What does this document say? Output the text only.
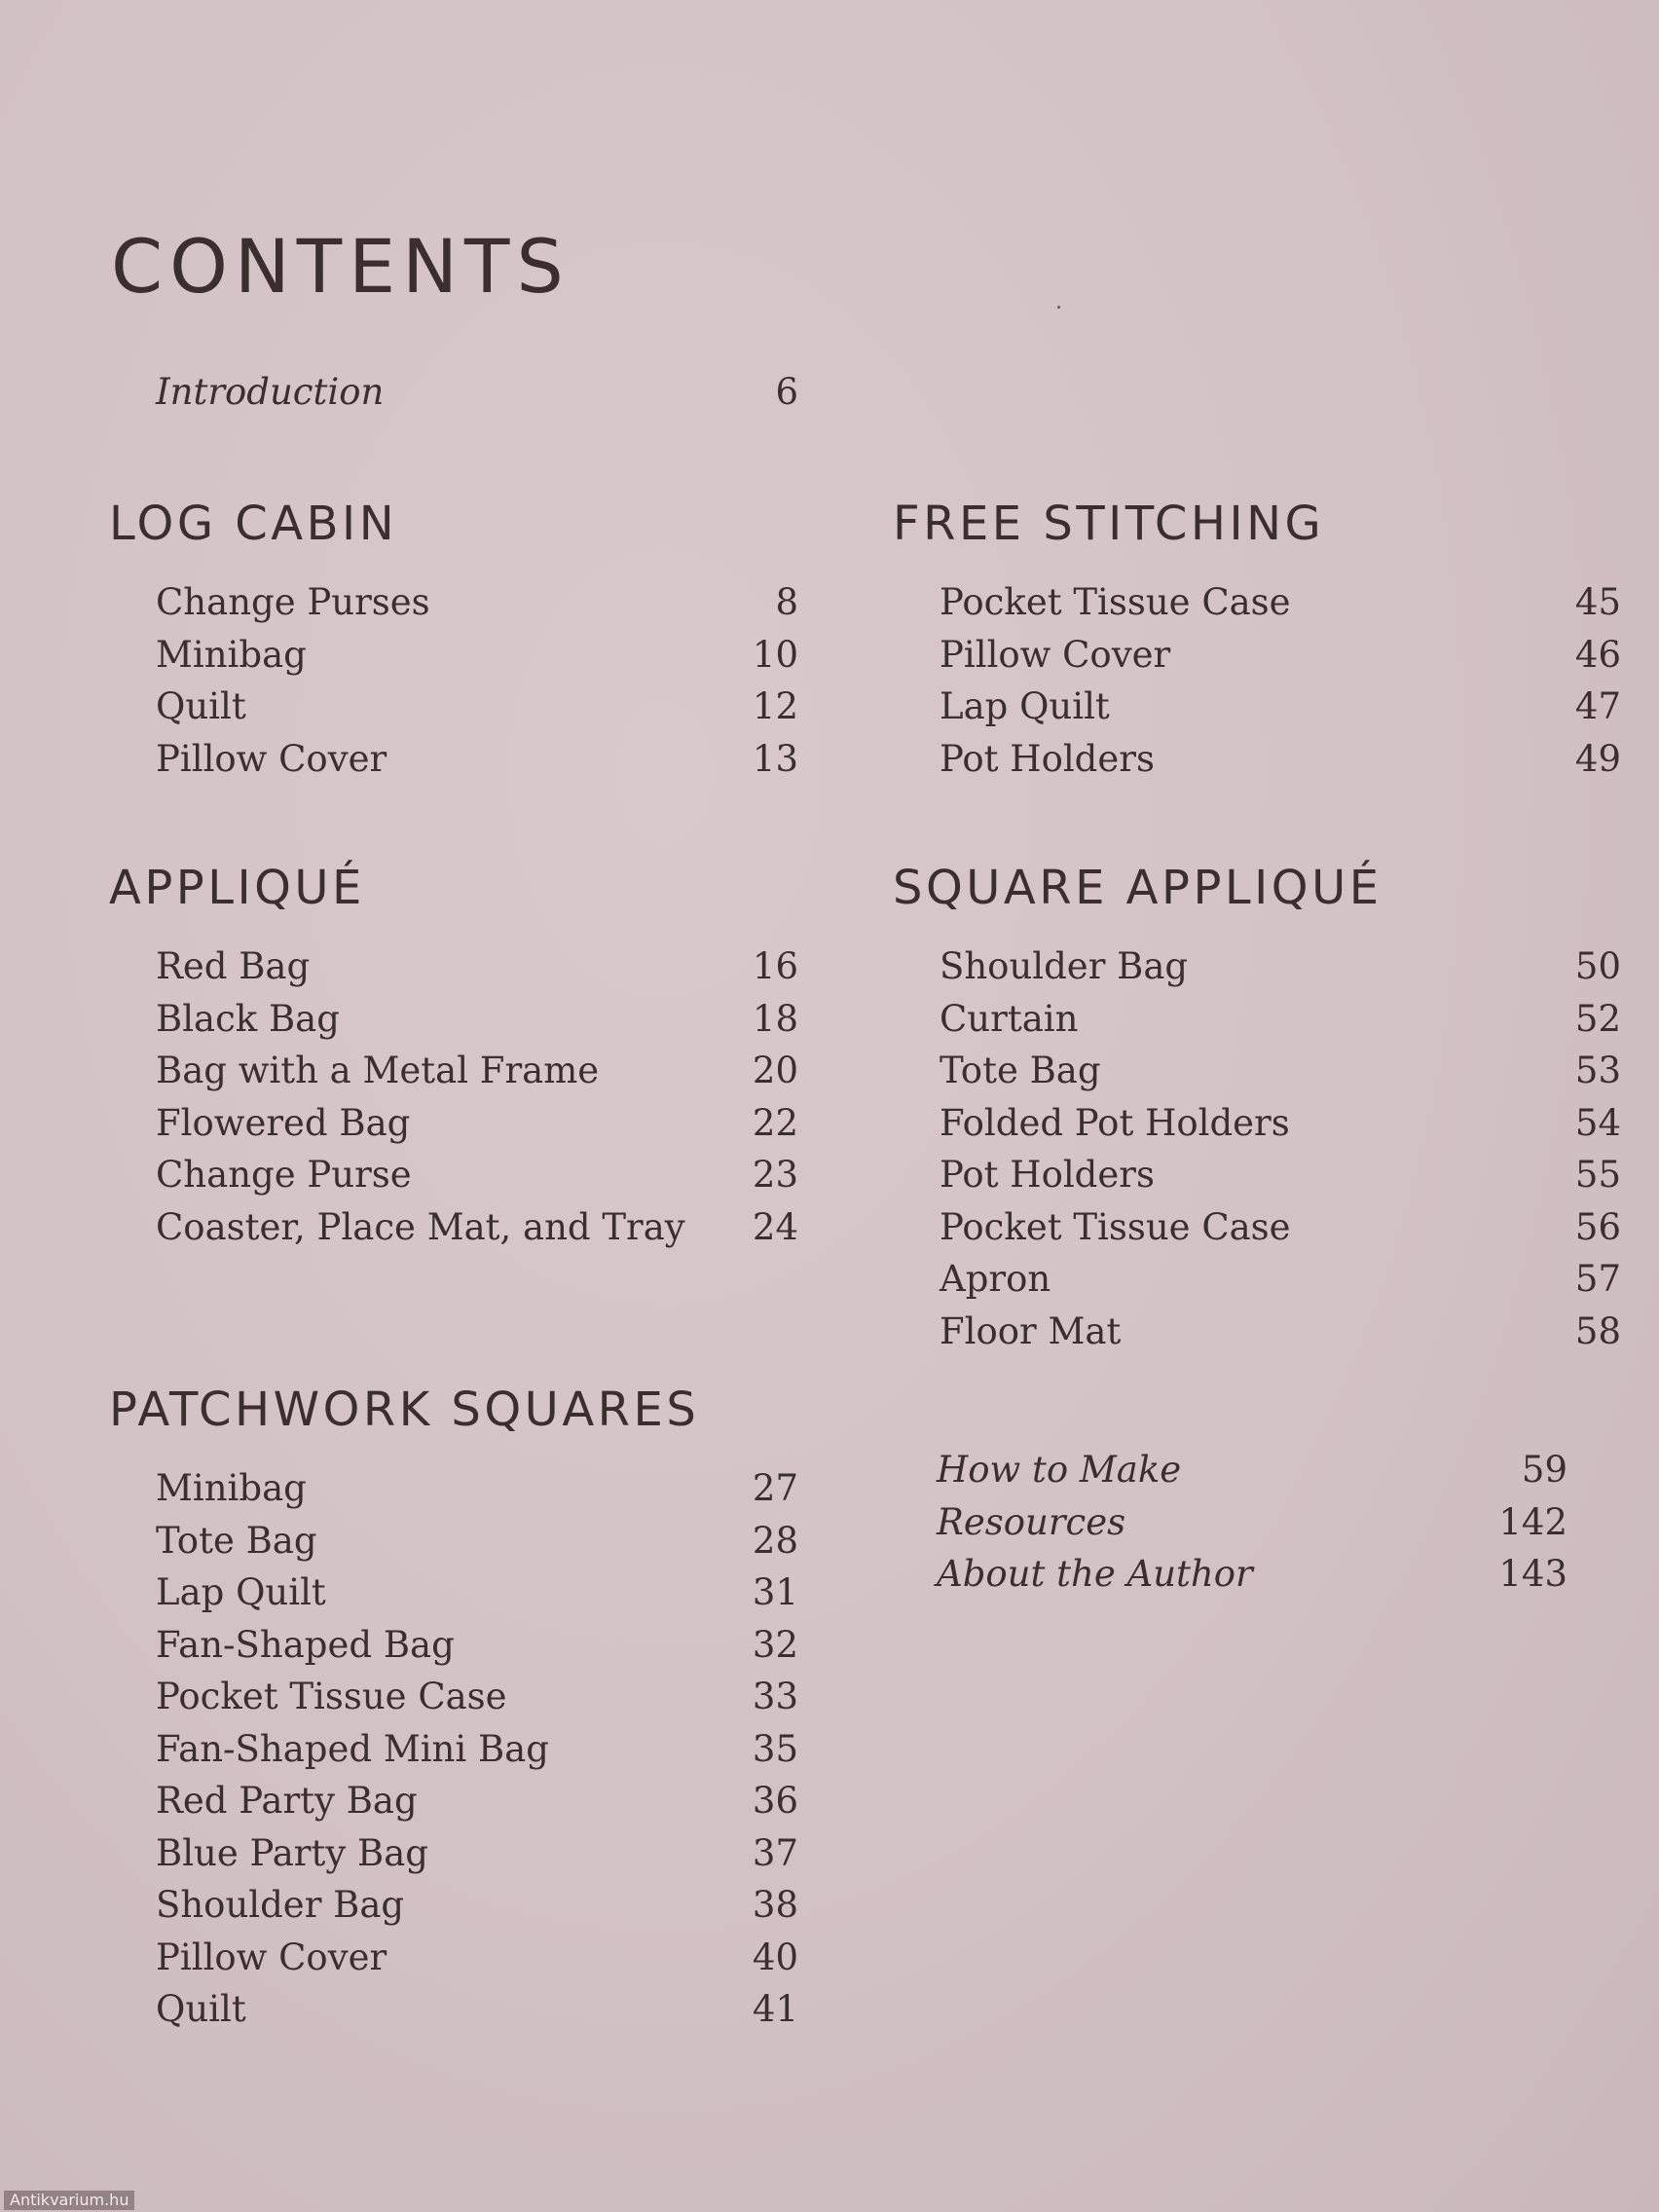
CONTENTS
Introduction	6
LOG CABIN
Change Purses	8
Minibag	10
Quilt	12
Pillow Cover	13
APPLIQUÉ
Red Bag	16
Black Bag	18
Bag with a Metal Frame	20
Flowered Bag	22
Change Purse	23
Coaster, Place Mat, and Tray 24
PATCHWORK SQUARES
Minibag	27
Tote Bag	28
Lap Quilt	31
Fan-Shaped Bag	32
Pocket Tissue Case	33
Fan-Shaped Mini Bag	35
Red Party Bag	36
Blue Party Bag	37
Shoulder Bag	38
Pillow Cover	40
Quilt	41
FREE STITCHING
Pocket Tissue Case	45
Pillow Cover	46
Lap Quilt	47
Pot Holders	49
SQUARE APPLIQUÉ
Shoulder Bag	50
Curtain	52
Tote Bag	53
Folded Pot Holders	54
Pot Holders	55
Pocket Tissue Case	56
Apron	57
Floor Mat	58
How to Make	59
Resources	142
About the Author	143
Antikvarium.hu
